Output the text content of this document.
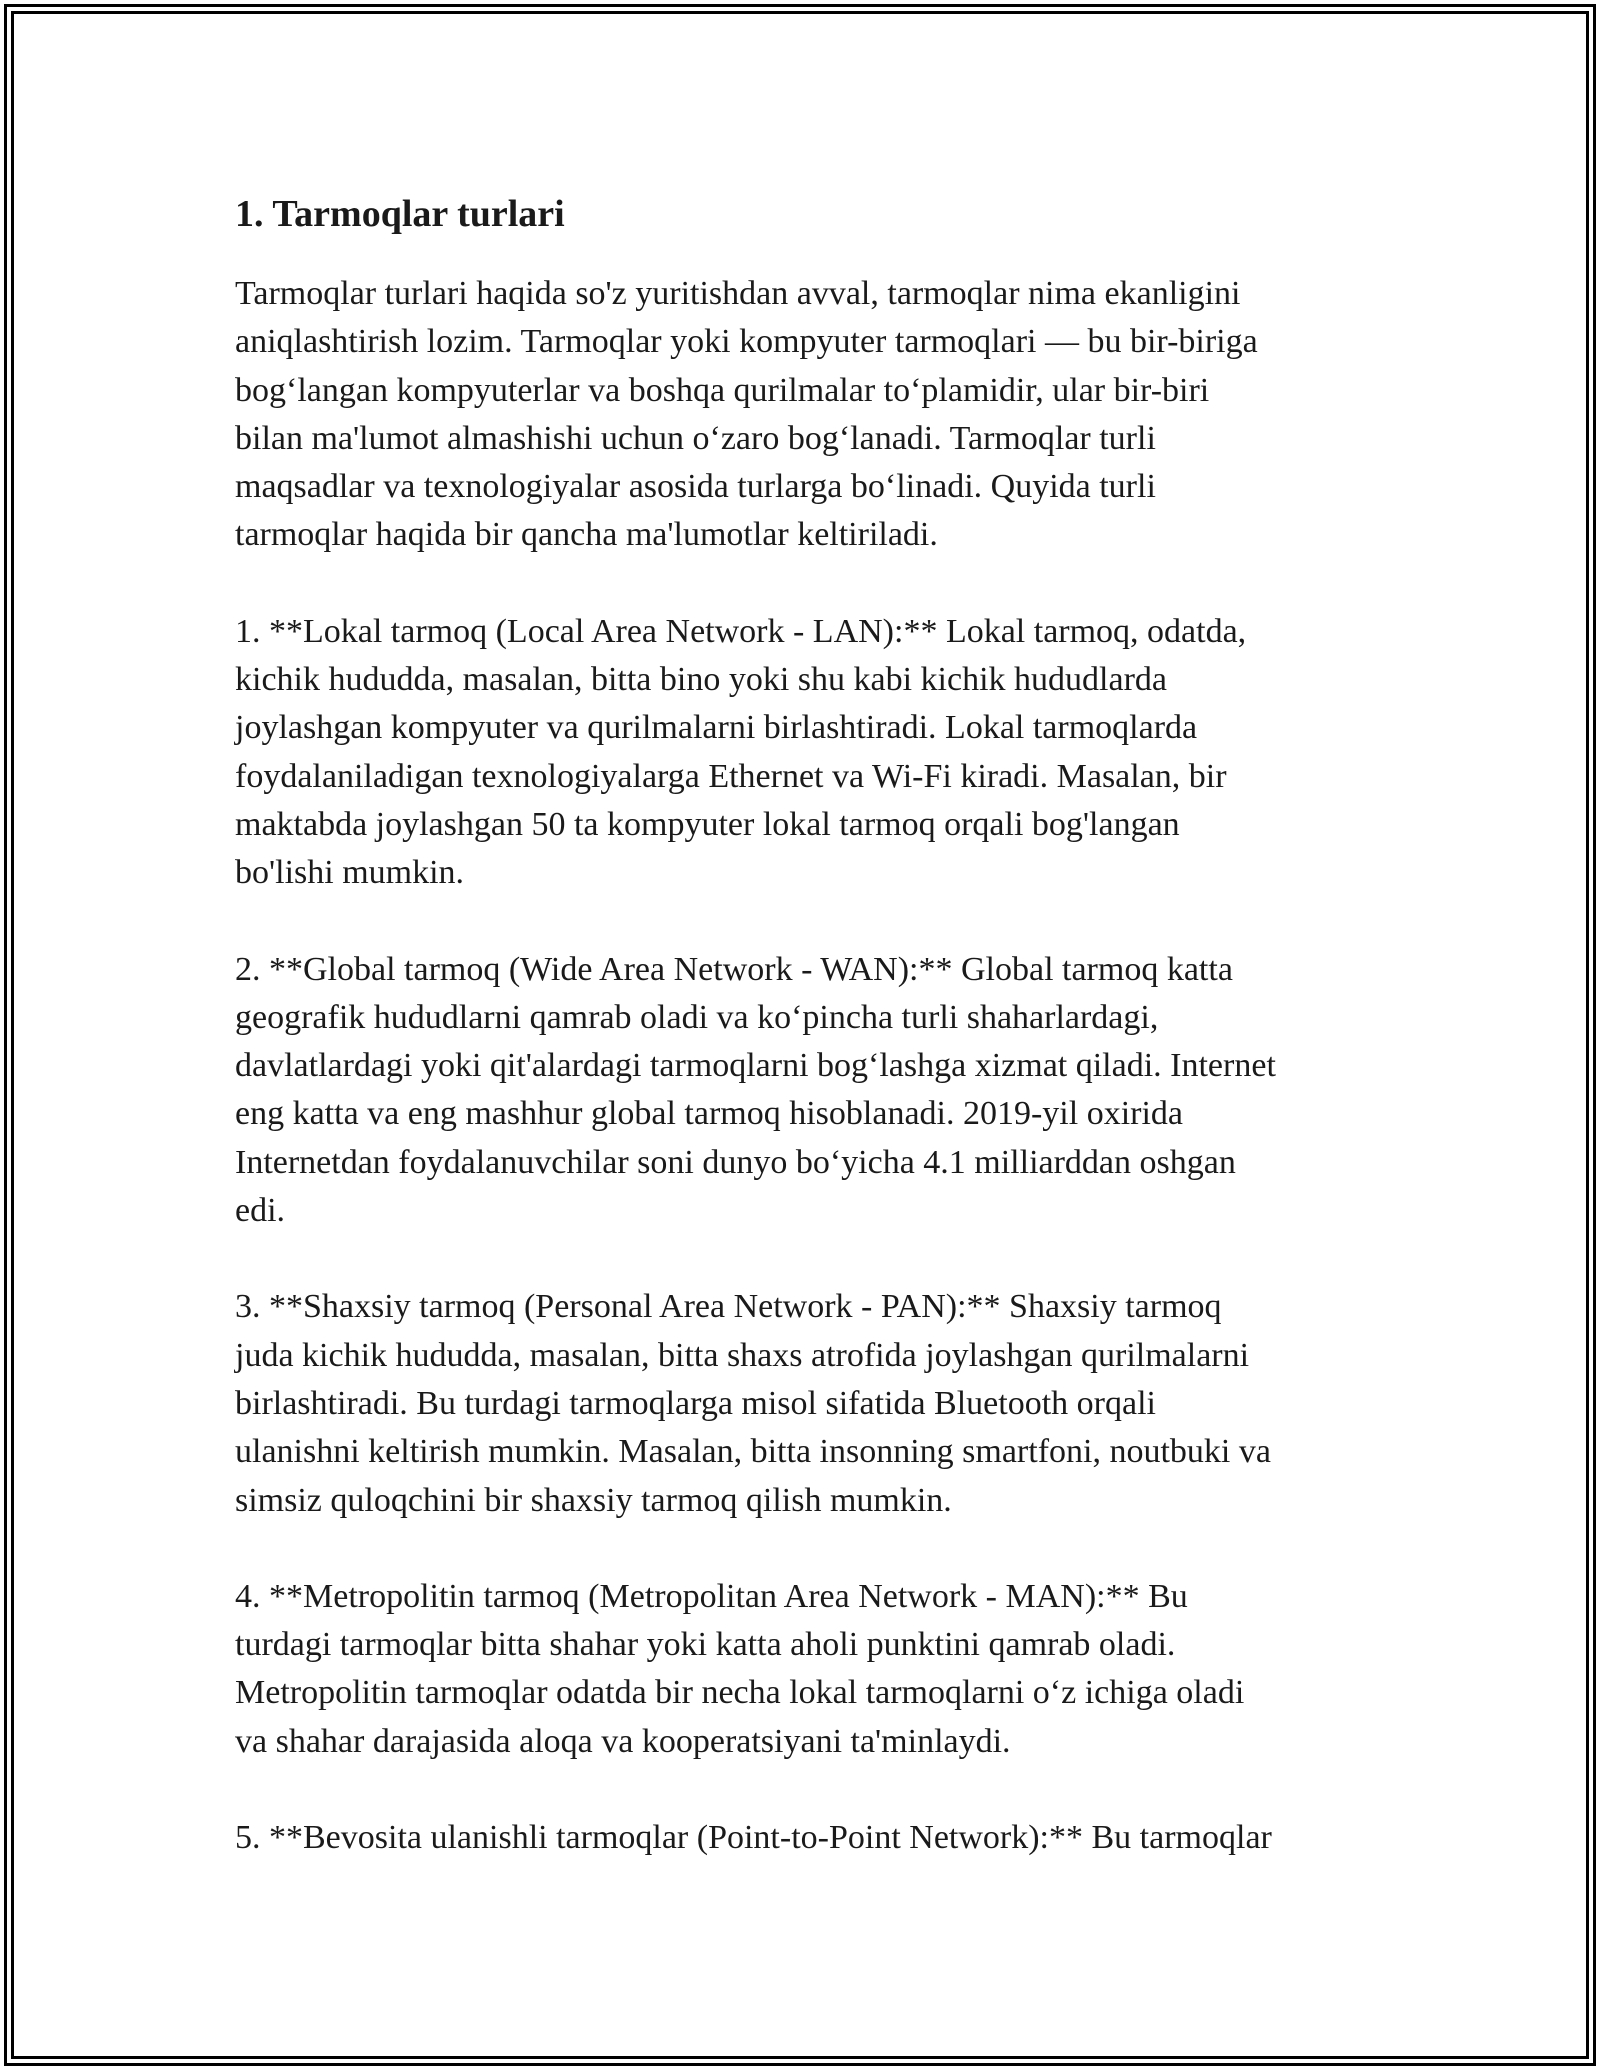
1. Tarmoqlar turlari

Tarmoqlar turlari haqida so'z yuritishdan avval, tarmoqlar nima ekanligini
aniqlashtirish lozim. Tarmoqlar yoki kompyuter tarmoqlari — bu bir-biriga
bog‘langan kompyuterlar va boshqa qurilmalar to‘plamidir, ular bir-biri
bilan ma'lumot almashishi uchun o‘zaro bog‘lanadi. Tarmoqlar turli
maqsadlar va texnologiyalar asosida turlarga bo‘linadi. Quyida turli
tarmoqlar haqida bir qancha ma'lumotlar keltiriladi.

1. **Lokal tarmoq (Local Area Network - LAN):** Lokal tarmoq, odatda,
kichik hududda, masalan, bitta bino yoki shu kabi kichik hududlarda
joylashgan kompyuter va qurilmalarni birlashtiradi. Lokal tarmoqlarda
foydalaniladigan texnologiyalarga Ethernet va Wi-Fi kiradi. Masalan, bir
maktabda joylashgan 50 ta kompyuter lokal tarmoq orqali bog'langan
bo'lishi mumkin.

2. **Global tarmoq (Wide Area Network - WAN):** Global tarmoq katta
geografik hududlarni qamrab oladi va ko‘pincha turli shaharlardagi,
davlatlardagi yoki qit'alardagi tarmoqlarni bog‘lashga xizmat qiladi. Internet
eng katta va eng mashhur global tarmoq hisoblanadi. 2019-yil oxirida
Internetdan foydalanuvchilar soni dunyo bo‘yicha 4.1 milliarddan oshgan
edi.

3. **Shaxsiy tarmoq (Personal Area Network - PAN):** Shaxsiy tarmoq
juda kichik hududda, masalan, bitta shaxs atrofida joylashgan qurilmalarni
birlashtiradi. Bu turdagi tarmoqlarga misol sifatida Bluetooth orqali
ulanishni keltirish mumkin. Masalan, bitta insonning smartfoni, noutbuki va
simsiz quloqchini bir shaxsiy tarmoq qilish mumkin.

4. **Metropolitin tarmoq (Metropolitan Area Network - MAN):** Bu
turdagi tarmoqlar bitta shahar yoki katta aholi punktini qamrab oladi.
Metropolitin tarmoqlar odatda bir necha lokal tarmoqlarni o‘z ichiga oladi
va shahar darajasida aloqa va kooperatsiyani ta'minlaydi.

5. **Bevosita ulanishli tarmoqlar (Point-to-Point Network):** Bu tarmoqlar
